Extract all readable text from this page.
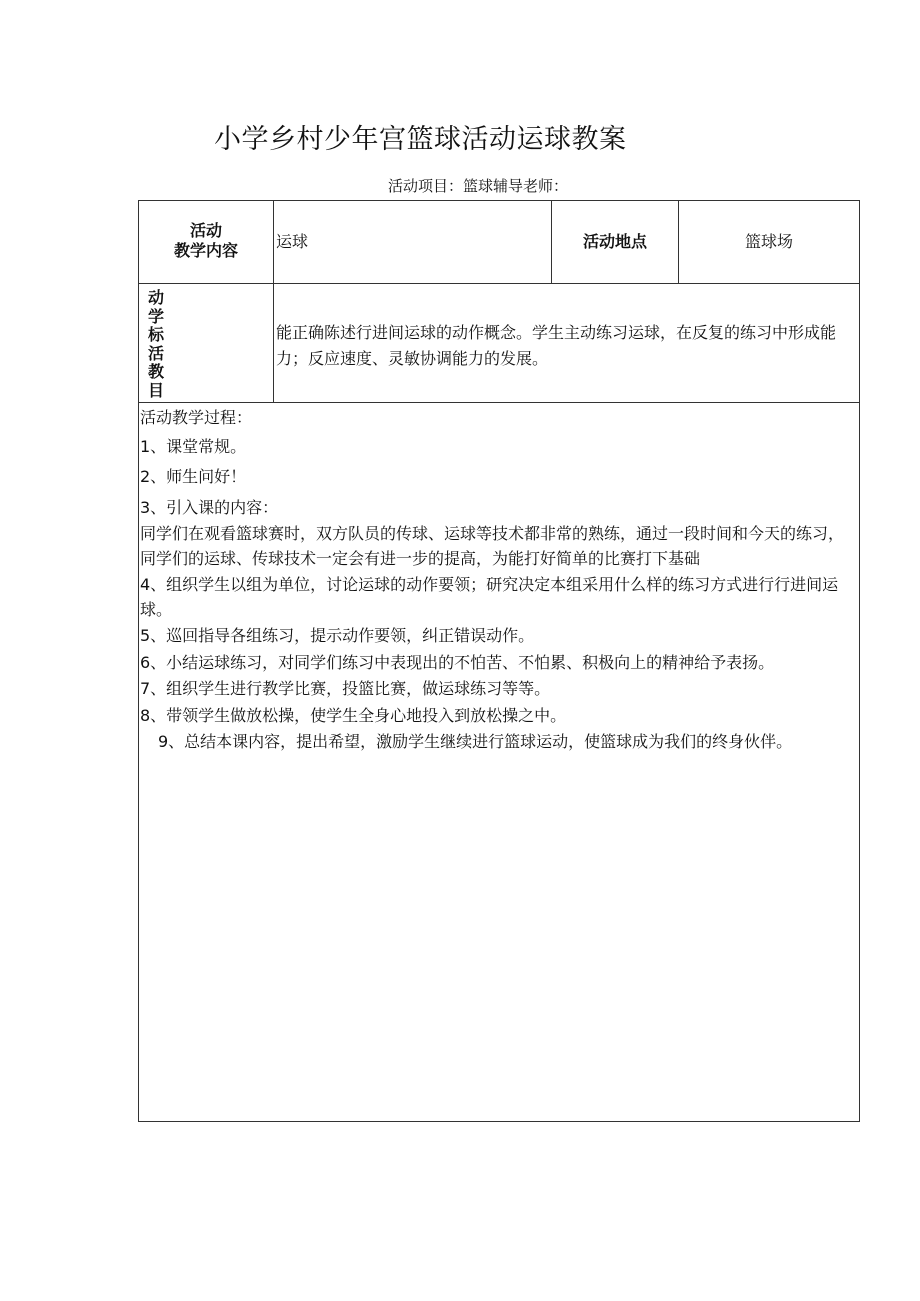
小学乡村少年宫篮球活动运球教案
活动项目：篮球辅导老师：
活动
教学内容	运球	活动地点	篮球场
动学标活教目
能正确陈述行进间运球的动作概念。学生主动练习运球，在反复的练习中形成能力；反应速度、灵敏协调能力的发展。
活动教学过程：
1、课堂常规。
2、师生问好！
3、引入课的内容：
同学们在观看篮球赛时，双方队员的传球、运球等技术都非常的熟练，通过一段时间和今天的练习，同学们的运球、传球技术一定会有进一步的提高，为能打好简单的比赛打下基础
4、组织学生以组为单位，讨论运球的动作要领；研究决定本组采用什么样的练习方式进行行进间运球。
5、巡回指导各组练习，提示动作要领，纠正错误动作。
6、小结运球练习，对同学们练习中表现出的不怕苦、不怕累、积极向上的精神给予表扬。
7、组织学生进行教学比赛，投篮比赛，做运球练习等等。
8、带领学生做放松操，使学生全身心地投入到放松操之中。
9、总结本课内容，提出希望，激励学生继续进行篮球运动，使篮球成为我们的终身伙伴。
